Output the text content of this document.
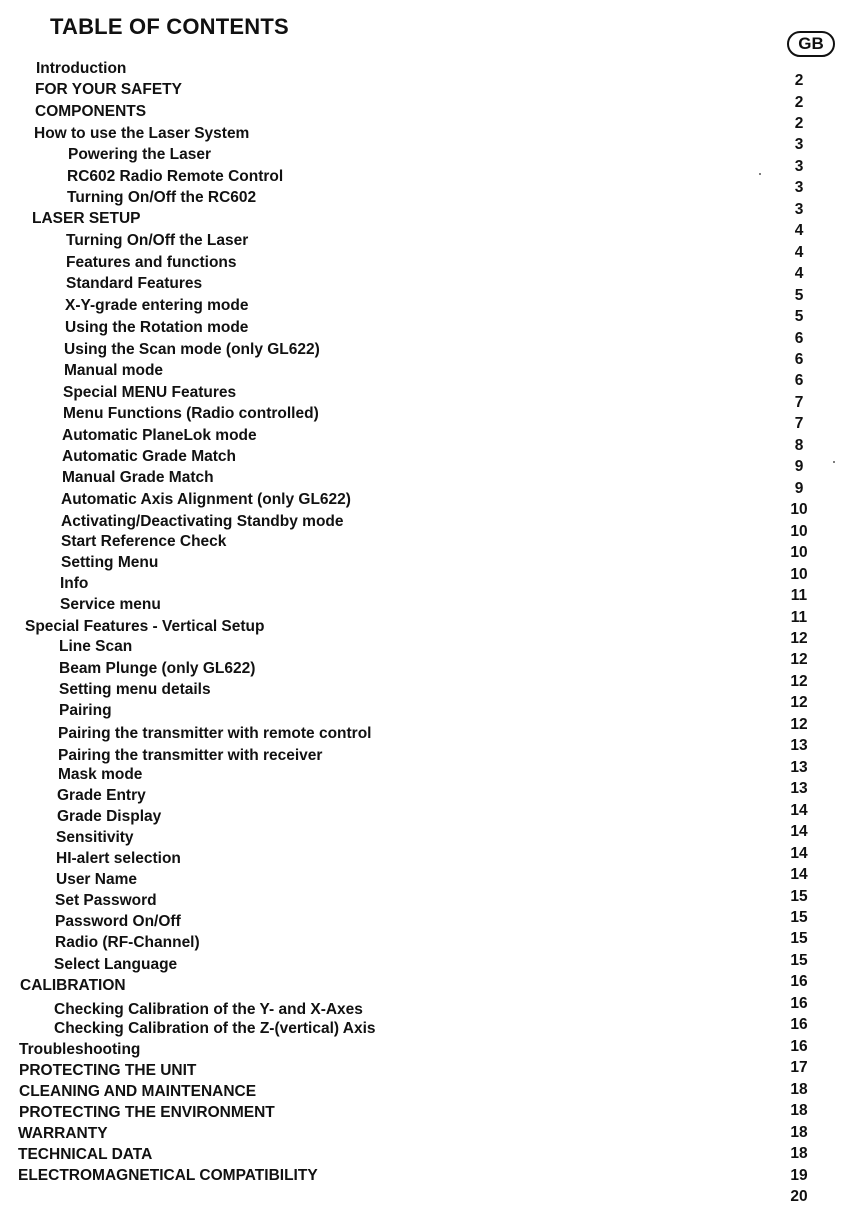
TABLE OF CONTENTS
GB
Introduction
FOR YOUR SAFETY
COMPONENTS
How to use the Laser System
Powering the Laser
RC602 Radio Remote Control
Turning On/Off the RC602
LASER SETUP
Turning On/Off the Laser
Features and functions
Standard Features
X-Y-grade entering mode
Using the Rotation mode
Using the Scan mode (only GL622)
Manual mode
Special MENU Features
Menu Functions (Radio controlled)
Automatic PlaneLok mode
Automatic Grade Match
Manual Grade Match
Automatic Axis Alignment (only GL622)
Activating/Deactivating Standby mode
Start Reference Check
Setting Menu
Info
Service menu
Special Features - Vertical Setup
Line Scan
Beam Plunge (only GL622)
Setting menu details
Pairing
Pairing the transmitter with remote control
Pairing the transmitter with receiver
Mask mode
Grade Entry
Grade Display
Sensitivity
HI-alert selection
User Name
Set Password
Password On/Off
Radio (RF-Channel)
Select Language
CALIBRATION
Checking Calibration of the Y- and X-Axes
Checking Calibration of the Z-(vertical) Axis
Troubleshooting
PROTECTING THE UNIT
CLEANING AND MAINTENANCE
PROTECTING THE ENVIRONMENT
WARRANTY
TECHNICAL DATA
ELECTROMAGNETICAL COMPATIBILITY
2
2
2
3
3
3
3
4
4
4
5
5
6
6
6
7
7
8
9
9
10
10
10
10
11
11
12
12
12
12
12
13
13
13
14
14
14
14
15
15
15
15
16
16
16
16
17
18
18
18
18
19
20
